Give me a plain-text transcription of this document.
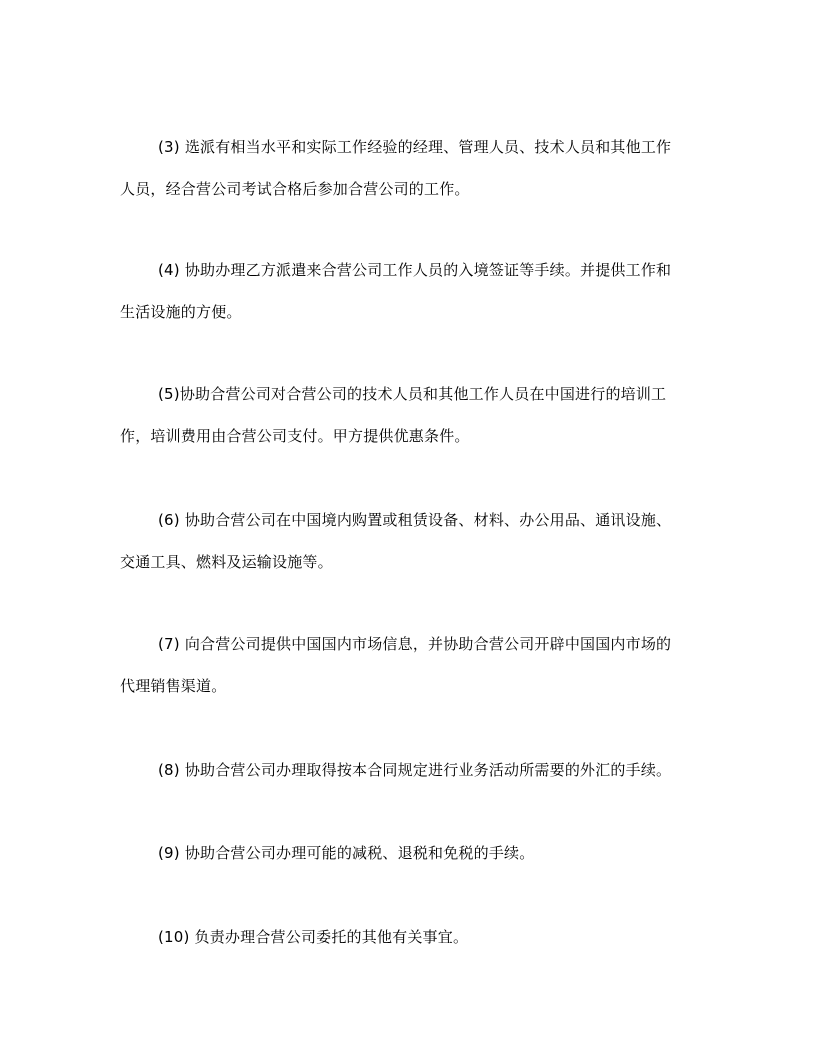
(3) 选派有相当水平和实际工作经验的经理、管理人员、技术人员和其他工作
人员，经合营公司考试合格后参加合营公司的工作。
(4) 协助办理乙方派遣来合营公司工作人员的入境签证等手续。并提供工作和
生活设施的方便。
(5)协助合营公司对合营公司的技术人员和其他工作人员在中国进行的培训工
作，培训费用由合营公司支付。甲方提供优惠条件。
(6) 协助合营公司在中国境内购置或租赁设备、材料、办公用品、通讯设施、
交通工具、燃料及运输设施等。
(7) 向合营公司提供中国国内市场信息，并协助合营公司开辟中国国内市场的
代理销售渠道。
(8) 协助合营公司办理取得按本合同规定进行业务活动所需要的外汇的手续。
(9) 协助合营公司办理可能的减税、退税和免税的手续。
(10) 负责办理合营公司委托的其他有关事宜。
